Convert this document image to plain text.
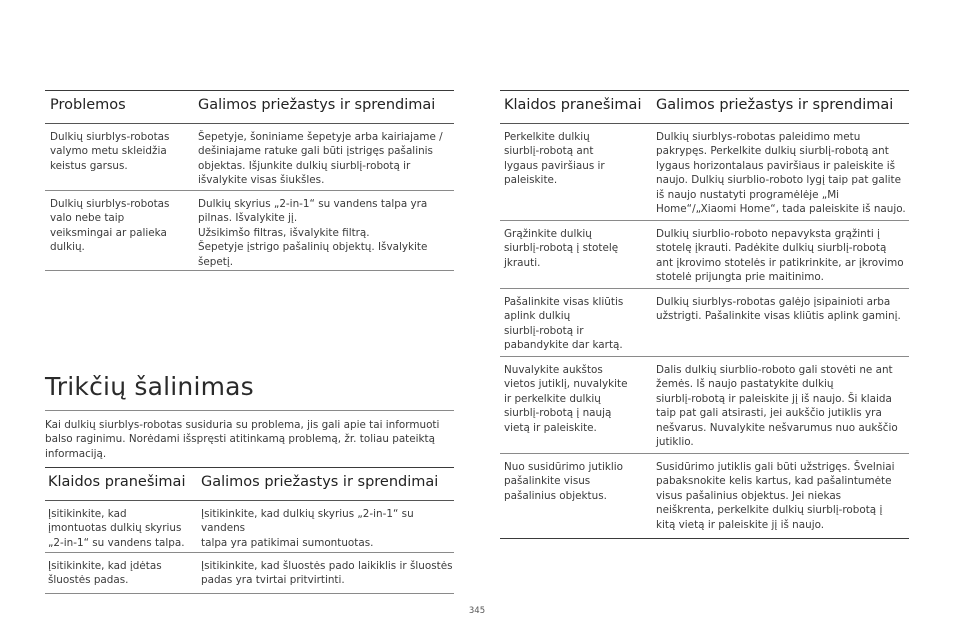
Problemos	Galimos priežastys ir sprendimai
Dulkių siurblys-robotas
valymo metu skleidžia
keistus garsus.
Šepetyje, šoniniame šepetyje arba kairiajame /
dešiniajame ratuke gali būti įstrigęs pašalinis
objektas. Išjunkite dulkių siurblį-robotą ir
išvalykite visas šiukšles.
Dulkių siurblys-robotas
valo nebe taip
veiksmingai ar palieka
dulkių.
Dulkių skyrius „2-in-1“ su vandens talpa yra
pilnas. Išvalykite jį.
Užsikimšo filtras, išvalykite filtrą.
Šepetyje įstrigo pašalinių objektų. Išvalykite
šepetį.
Trikčių šalinimas
Kai dulkių siurblys-robotas susiduria su problema, jis gali apie tai informuoti
balso raginimu. Norėdami išspręsti atitinkamą problemą, žr. toliau pateiktą
informaciją.
Klaidos pranešimai Galimos priežastys ir sprendimai
Įsitikinkite, kad
įmontuotas dulkių skyrius
„2-in-1“ su vandens talpa.
Įsitikinkite, kad dulkių skyrius „2-in-1“ su vandens
talpa yra patikimai sumontuotas.
Įsitikinkite, kad įdėtas
šluostės padas.
Įsitikinkite, kad šluostės pado laikiklis ir šluostės
padas yra tvirtai pritvirtinti.
Klaidos pranešimai Galimos priežastys ir sprendimai
Perkelkite dulkių
siurblį-robotą ant
lygaus paviršiaus ir
paleiskite.
Dulkių siurblys-robotas paleidimo metu
pakrypęs. Perkelkite dulkių siurblį-robotą ant
lygaus horizontalaus paviršiaus ir paleiskite iš
naujo. Dulkių siurblio-roboto lygį taip pat galite
iš naujo nustatyti programėlėje „Mi
Home“/„Xiaomi Home“, tada paleiskite iš naujo.
Grąžinkite dulkių
siurblį-robotą į stotelę
jkrauti.
Dulkių siurblio-roboto nepavyksta grąžinti į
stotelę įkrauti. Padėkite dulkių siurblį-robotą
ant įkrovimo stotelės ir patikrinkite, ar įkrovimo
stotelė prijungta prie maitinimo.
Pašalinkite visas kliūtis
aplink dulkių
siurblį-robotą ir
pabandykite dar kartą.
Dulkių siurblys-robotas galėjo įsipainioti arba
užstrigti. Pašalinkite visas kliūtis aplink gaminį.
Nuvalykite aukštos
vietos jutiklį, nuvalykite
ir perkelkite dulkių
siurblį-robotą į naują
vietą ir paleiskite.
Dalis dulkių siurblio-roboto gali stovėti ne ant
žemės. Iš naujo pastatykite dulkių
siurblį-robotą ir paleiskite jį iš naujo. Ši klaida
taip pat gali atsirasti, jei aukščio jutiklis yra
nešvarus. Nuvalykite nešvarumus nuo aukščio
jutiklio.
Nuo susidūrimo jutiklio
pašalinkite visus
pašalinius objektus.
Susidūrimo jutiklis gali būti užstrigęs. Švelniai
pabaksnokite kelis kartus, kad pašalintumėte
visus pašalinius objektus. Jei niekas
neiškrenta, perkelkite dulkių siurblį-robotą į
kitą vietą ir paleiskite jį iš naujo.
345
